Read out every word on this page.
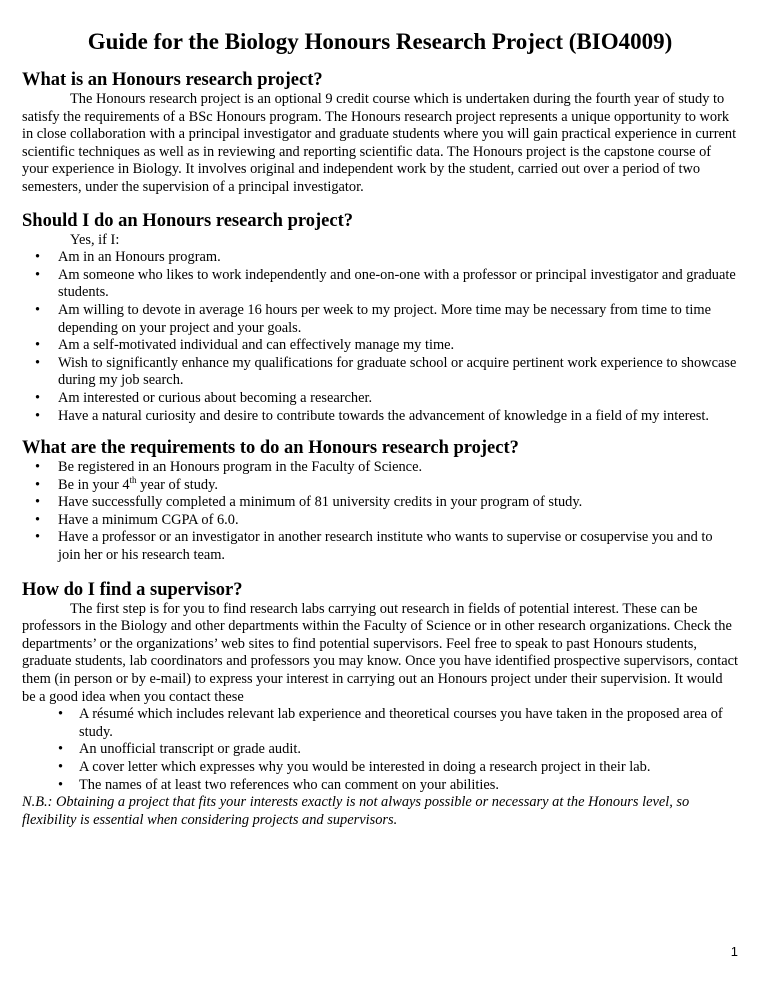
Guide for the Biology Honours Research Project (BIO4009)
What is an Honours research project?

The Honours research project is an optional 9 credit course which is undertaken during the fourth year of study to satisfy the requirements of a BSc Honours program. The Honours research project represents a unique opportunity to work in close collaboration with a principal investigator and graduate students where you will gain practical experience in current scientific techniques as well as in reviewing and reporting scientific data. The Honours project is the capstone course of your experience in Biology. It involves original and independent work by the student, carried out over a period of two semesters, under the supervision of a principal investigator.

Should I do an Honours research project?

Yes, if I:

• Am in an Honours program.
• Am someone who likes to work independently and one-on-one with a professor or principal investigator and graduate students.
• Am willing to devote in average 16 hours per week to my project. More time may be necessary from time to time depending on your project and your goals.
• Am a self-motivated individual and can effectively manage my time.
• Wish to significantly enhance my qualifications for graduate school or acquire pertinent work experience to showcase during my job search.
• Am interested or curious about becoming a researcher.
• Have a natural curiosity and desire to contribute towards the advancement of knowledge in a field of my interest.
What are the requirements to do an Honours research project?
• Be registered in an Honours program in the Faculty of Science.
• Be in your 4th year of study.
• Have successfully completed a minimum of 81 university credits in your program of study.
• Have a minimum CGPA of 6.0.
• Have a professor or an investigator in another research institute who wants to supervise or cosupervise you and to join her or his research team.
How do I find a supervisor?

The first step is for you to find research labs carrying out research in fields of potential interest. These can be professors in the Biology and other departments within the Faculty of Science or in other research organizations. Check the departments’ or the organizations’ web sites to find potential supervisors. Feel free to speak to past Honours students, graduate students, lab coordinators and professors you may know. Once you have identified prospective supervisors, contact them (in person or by e-mail) to express your interest in carrying out an Honours project under their supervision. It would be a good idea when you contact these

• A résumé which includes relevant lab experience and theoretical courses you have taken in the proposed area of study.
• An unofficial transcript or grade audit.
• A cover letter which expresses why you would be interested in doing a research project in their lab.
• The names of at least two references who can comment on your abilities.

N.B.: Obtaining a project that fits your interests exactly is not always possible or necessary at the Honours level, so flexibility is essential when considering projects and supervisors.

1
